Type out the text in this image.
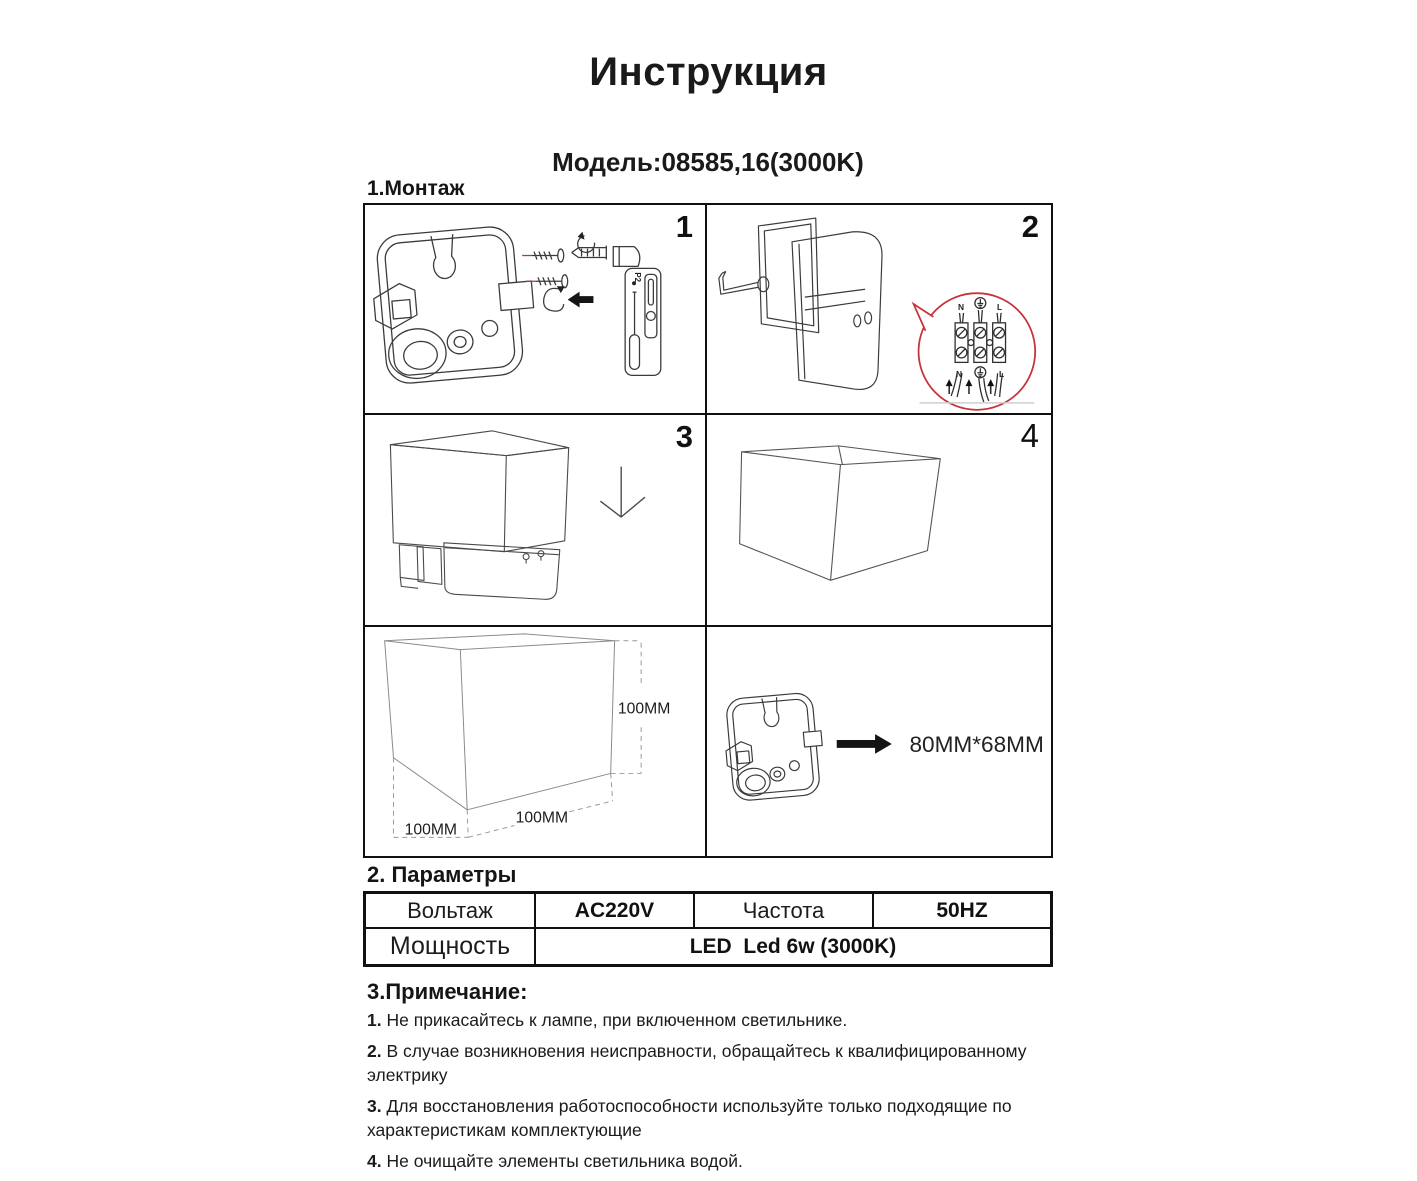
Инструкция
Модель:08585,16(3000K)
1.Монтаж
P2
1
N	L
N	L
2
3	4
100MM
100MM
100MM
80MM*68MM
2. Параметры
Вольтаж	AC220V	Частота	50HZ
Мощность	LED  Led 6w (3000K)
3.Примечание:

1. Не прикасайтесь к лампе, при включенном светильнике.

2. В случае возникновения неисправности, обращайтесь к квалифицированному электрику

3. Для восстановления работоспособности используйте только подходящие по характеристикам комплектующие

4. Не очищайте элементы светильника водой.
